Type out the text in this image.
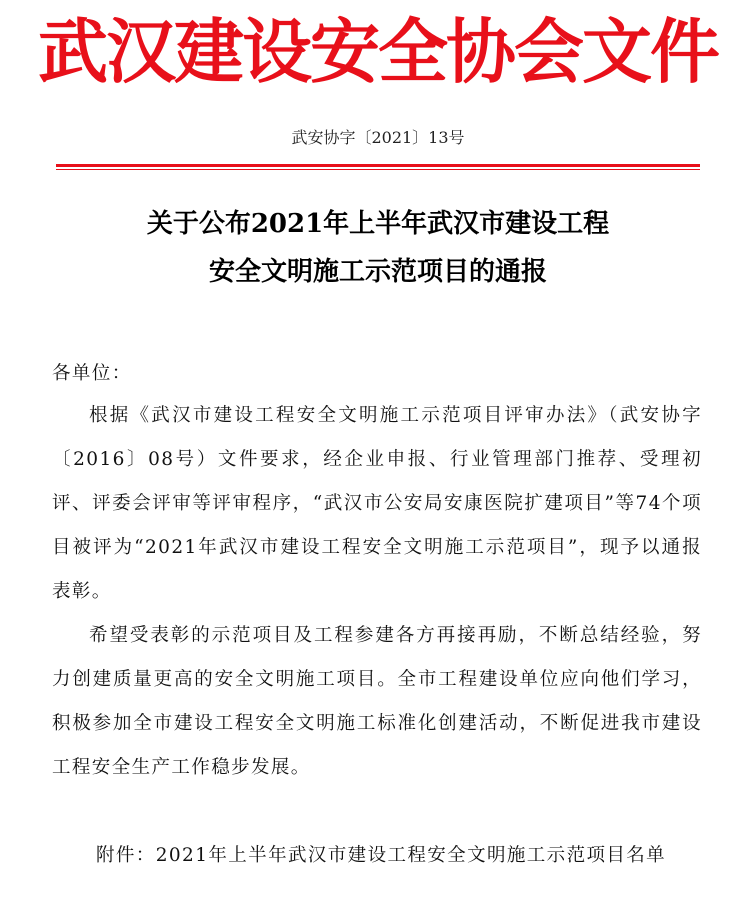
武汉建设安全协会文件
武安协字〔2021〕13号
关于公布2021年上半年武汉市建设工程
安全文明施工示范项目的通报
各单位：

根据《武汉市建设工程安全文明施工示范项目评审办法》（武安协字〔2016〕08号）文件要求，经企业申报、行业管理部门推荐、受理初评、评委会评审等评审程序，“武汉市公安局安康医院扩建项目”等74个项目被评为“2021年武汉市建设工程安全文明施工示范项目”，现予以通报表彰。

希望受表彰的示范项目及工程参建各方再接再励，不断总结经验，努力创建质量更高的安全文明施工项目。全市工程建设单位应向他们学习，积极参加全市建设工程安全文明施工标准化创建活动，不断促进我市建设工程安全生产工作稳步发展。

附件：2021年上半年武汉市建设工程安全文明施工示范项目名单
